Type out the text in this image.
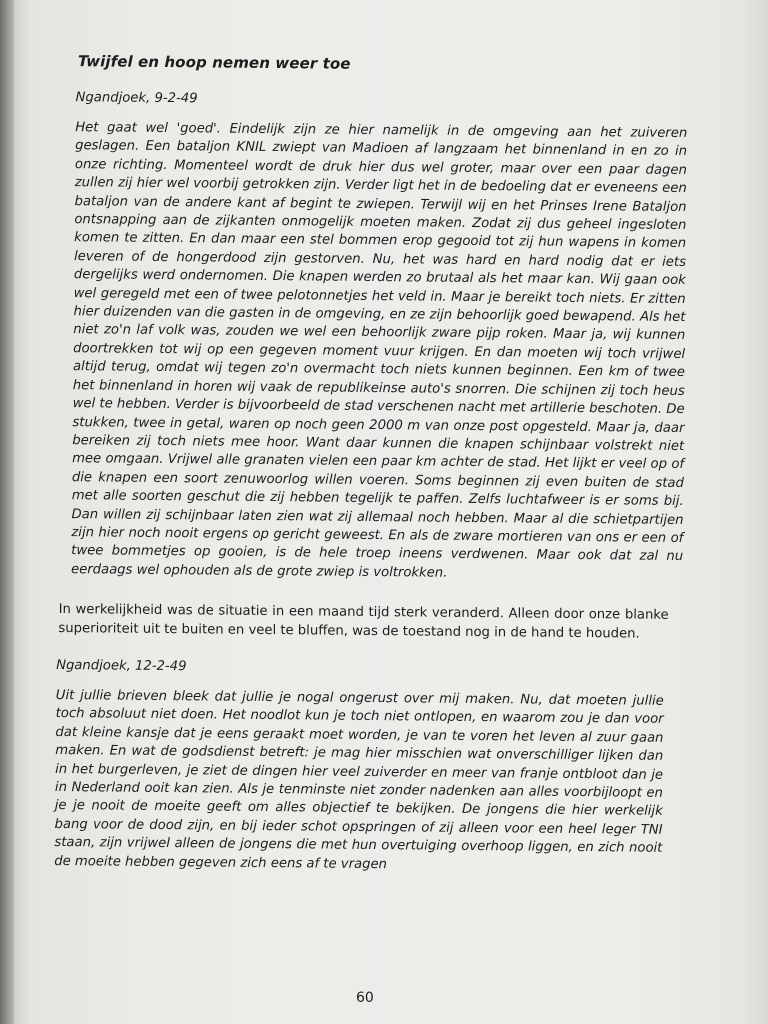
Twijfel en hoop nemen weer toe
Ngandjoek, 9-2-49

Het gaat wel 'goed'. Eindelijk zijn ze hier namelijk in de omgeving aan het zuiveren geslagen. Een bataljon KNIL zwiept van Madioen af langzaam het binnenland in en zo in onze richting. Momenteel wordt de druk hier dus wel groter, maar over een paar dagen zullen zij hier wel voorbij getrokken zijn. Verder ligt het in de bedoeling dat er eveneens een bataljon van de andere kant af begint te zwiepen. Terwijl wij en het Prinses Irene Bataljon ontsnapping aan de zijkanten onmogelijk moeten maken. Zodat zij dus geheel ingesloten komen te zitten. En dan maar een stel bommen erop gegooid tot zij hun wapens in komen leveren of de hongerdood zijn gestorven. Nu, het was hard en hard nodig dat er iets dergelijks werd ondernomen. Die knapen werden zo brutaal als het maar kan. Wij gaan ook wel geregeld met een of twee pelotonnetjes het veld in. Maar je bereikt toch niets. Er zitten hier duizenden van die gasten in de omgeving, en ze zijn behoorlijk goed bewapend. Als het niet zo'n laf volk was, zouden we wel een behoorlijk zware pijp roken. Maar ja, wij kunnen doortrekken tot wij op een gegeven moment vuur krijgen. En dan moeten wij toch vrijwel altijd terug, omdat wij tegen zo'n overmacht toch niets kunnen beginnen. Een km of twee het binnenland in horen wij vaak de republikeinse auto's snorren. Die schijnen zij toch heus wel te hebben. Verder is bijvoorbeeld de stad verschenen nacht met artillerie beschoten. De stukken, twee in getal, waren op noch geen 2000 m van onze post opgesteld. Maar ja, daar bereiken zij toch niets mee hoor. Want daar kunnen die knapen schijnbaar volstrekt niet mee omgaan. Vrijwel alle granaten vielen een paar km achter de stad. Het lijkt er veel op of die knapen een soort zenuwoorlog willen voeren. Soms beginnen zij even buiten de stad met alle soorten geschut die zij hebben tegelijk te paffen. Zelfs luchtafweer is er soms bij. Dan willen zij schijnbaar laten zien wat zij allemaal noch hebben. Maar al die schietpartijen zijn hier noch nooit ergens op gericht geweest. En als de zware mortieren van ons er een of twee bommetjes op gooien, is de hele troep ineens verdwenen. Maar ook dat zal nu eerdaags wel ophouden als de grote zwiep is voltrokken.

In werkelijkheid was de situatie in een maand tijd sterk veranderd. Alleen door onze blanke superioriteit uit te buiten en veel te bluffen, was de toestand nog in de hand te houden.

Ngandjoek, 12-2-49

Uit jullie brieven bleek dat jullie je nogal ongerust over mij maken. Nu, dat moeten jullie toch absoluut niet doen. Het noodlot kun je toch niet ontlopen, en waarom zou je dan voor dat kleine kansje dat je eens geraakt moet worden, je van te voren het leven al zuur gaan maken. En wat de godsdienst betreft: je mag hier misschien wat onverschilliger lijken dan in het burgerleven, je ziet de dingen hier veel zuiverder en meer van franje ontbloot dan je in Nederland ooit kan zien. Als je tenminste niet zonder nadenken aan alles voorbijloopt en je je nooit de moeite geeft om alles objectief te bekijken. De jongens die hier werkelijk bang voor de dood zijn, en bij ieder schot opspringen of zij alleen voor een heel leger TNI staan, zijn vrijwel alleen de jongens die met hun overtuiging overhoop liggen, en zich nooit de moeite hebben gegeven zich eens af te vragen

60
